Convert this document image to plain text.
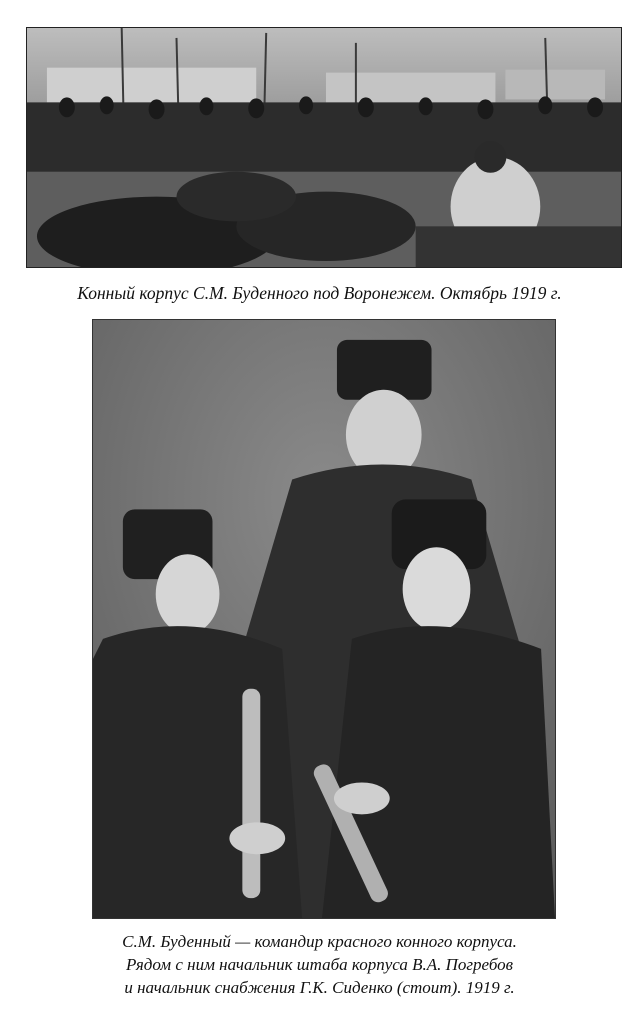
Конный корпус С.М. Буденного под Воронежем. Октябрь 1919 г.
С.М. Буденный — командир красного конного корпуса.
Рядом с ним начальник штаба корпуса В.А. Погребов
и начальник снабжения Г.К. Сиденко (стоит). 1919 г.
